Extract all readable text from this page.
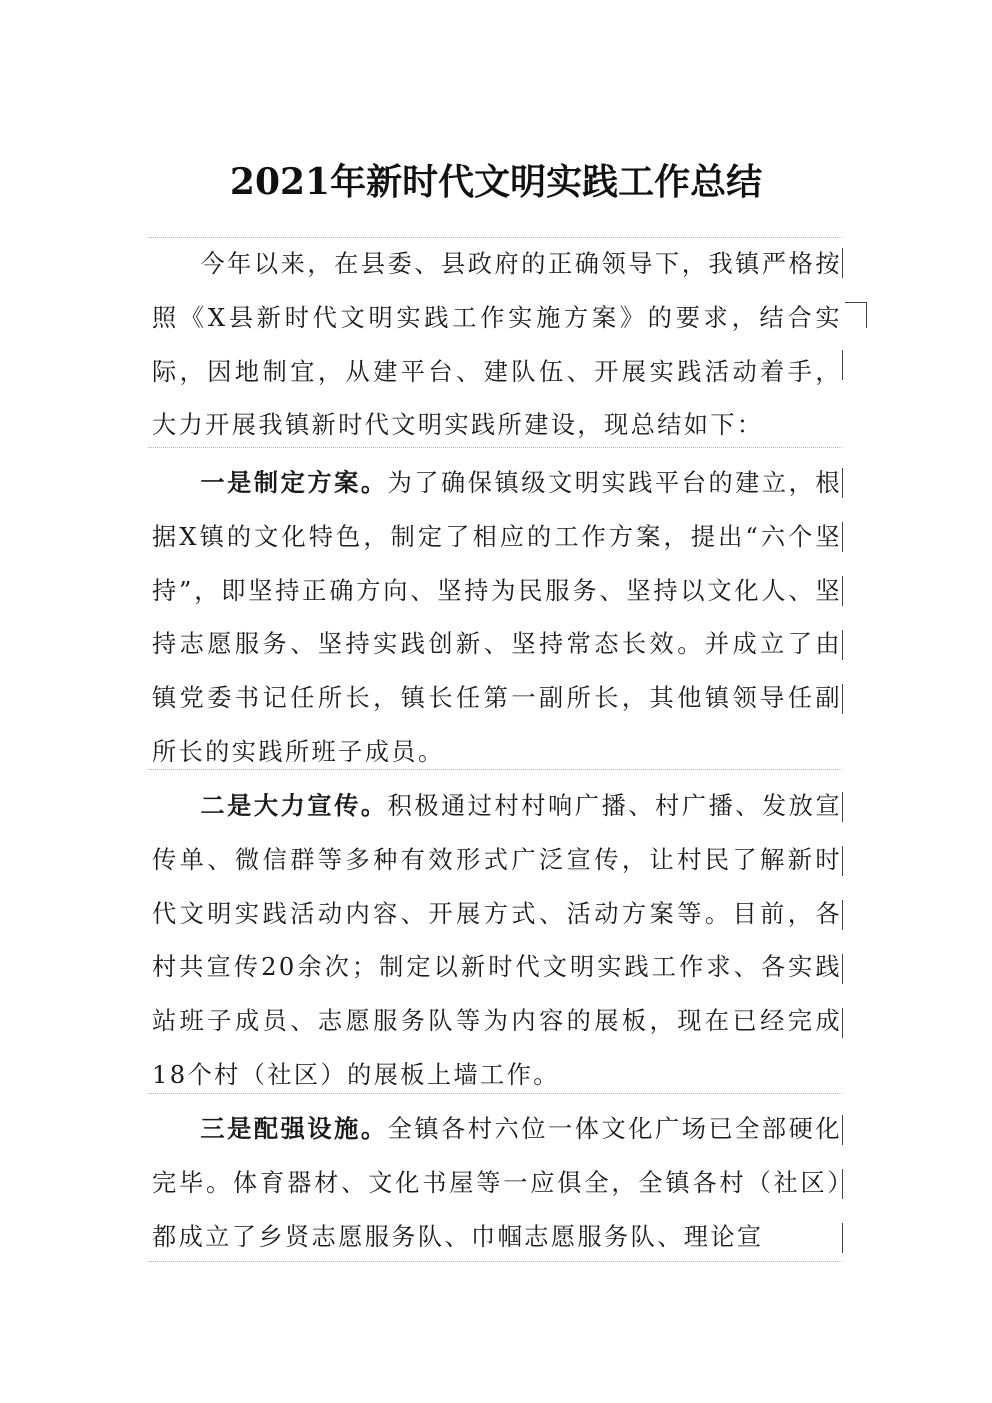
2021年新时代文明实践工作总结
今年以来，在县委、县政府的正确领导下，我镇严格按照《X县新时代文明实践工作实施方案》的要求，结合实际，因地制宜，从建平台、建队伍、开展实践活动着手，大力开展我镇新时代文明实践所建设，现总结如下：
一是制定方案。为了确保镇级文明实践平台的建立，根据X镇的文化特色，制定了相应的工作方案，提出“六个坚持”，即坚持正确方向、坚持为民服务、坚持以文化人、坚持志愿服务、坚持实践创新、坚持常态长效。并成立了由镇党委书记任所长，镇长任第一副所长，其他镇领导任副所长的实践所班子成员。
二是大力宣传。积极通过村村响广播、村广播、发放宣传单、微信群等多种有效形式广泛宣传，让村民了解新时代文明实践活动内容、开展方式、活动方案等。目前，各村共宣传20余次；制定以新时代文明实践工作求、各实践站班子成员、志愿服务队等为内容的展板，现在已经完成18个村（社区）的展板上墙工作。
三是配强设施。全镇各村六位一体文化广场已全部硬化完毕。体育器材、文化书屋等一应俱全，全镇各村（社区）都成立了乡贤志愿服务队、巾帼志愿服务队、理论宣
